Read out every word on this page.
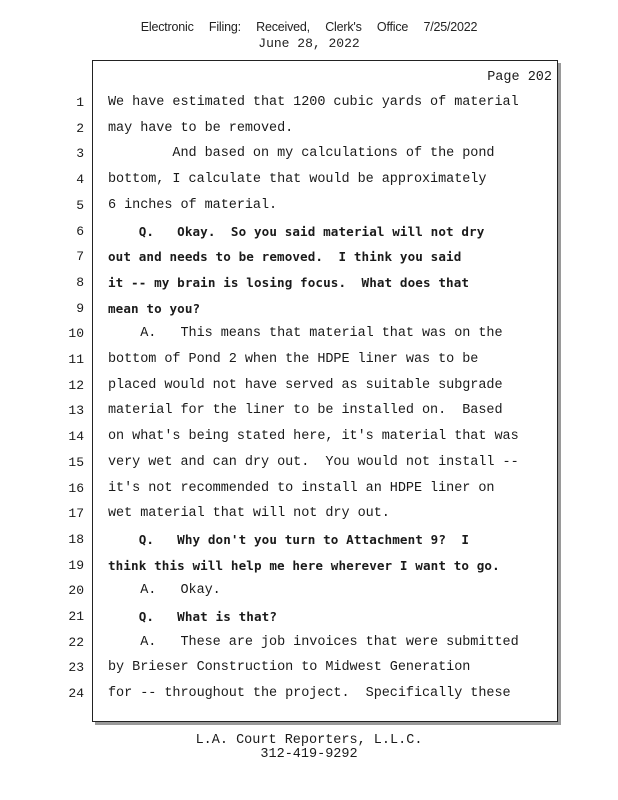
Electronic Filing: Received, Clerk's Office 7/25/2022
June 28, 2022
Page 202
1 We have estimated that 1200 cubic yards of material
2 may have to be removed.
3 And based on my calculations of the pond
4 bottom, I calculate that would be approximately
5 6 inches of material.
6 Q.   Okay.  So you said material will not dry
7 out and needs to be removed.  I think you said
8 it -- my brain is losing focus.  What does that
9 mean to you?
10 A.   This means that material that was on the
11 bottom of Pond 2 when the HDPE liner was to be
12 placed would not have served as suitable subgrade
13 material for the liner to be installed on.  Based
14 on what's being stated here, it's material that was
15 very wet and can dry out.  You would not install --
16 it's not recommended to install an HDPE liner on
17 wet material that will not dry out.
18 Q.   Why don't you turn to Attachment 9?  I
19 think this will help me here wherever I want to go.
20 A.   Okay.
21 Q.   What is that?
22 A.   These are job invoices that were submitted
23 by Brieser Construction to Midwest Generation
24 for -- throughout the project.  Specifically these
L.A. Court Reporters, L.L.C.
312-419-9292
